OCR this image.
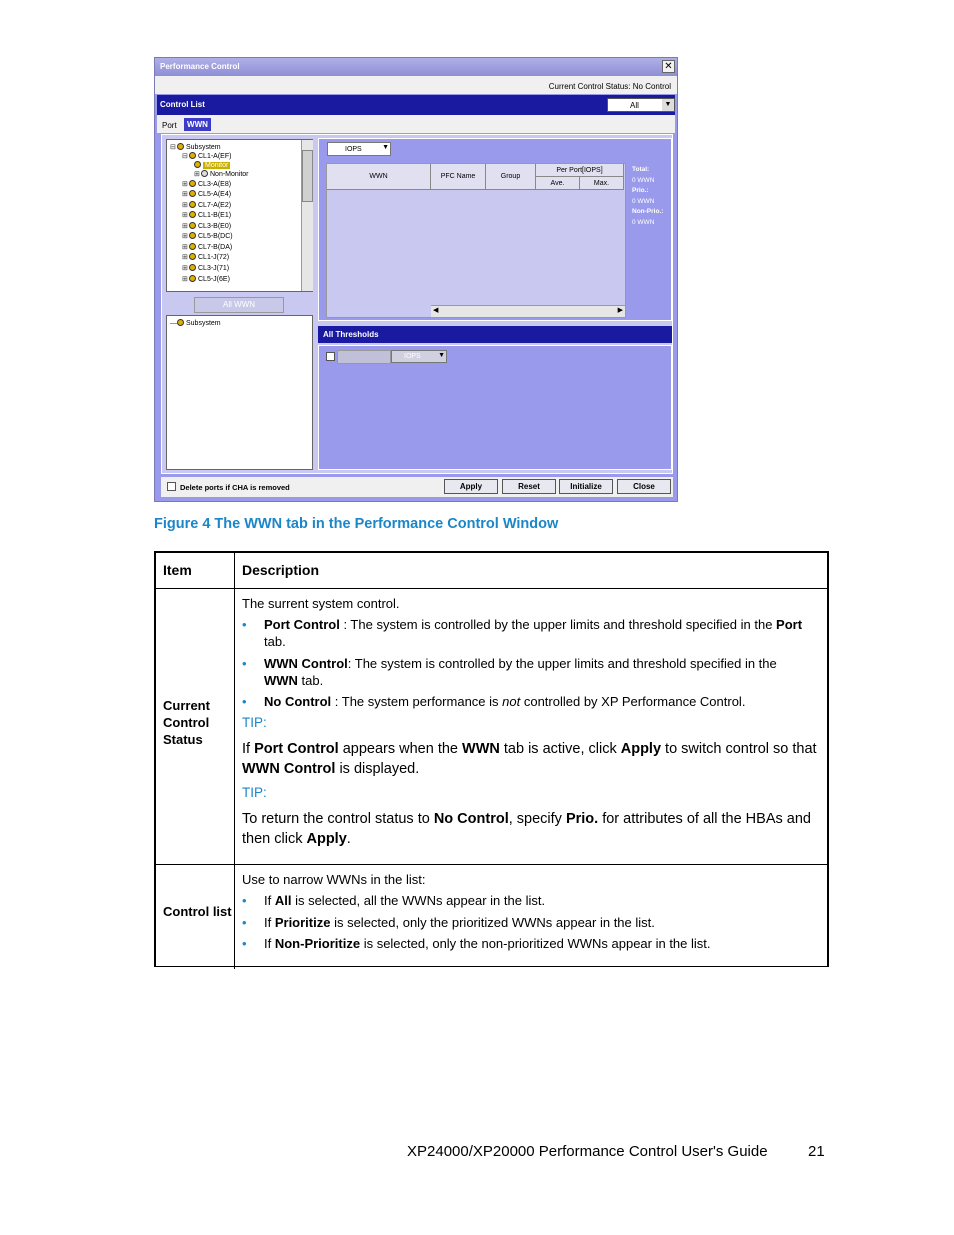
Performance Control	✕
Current Control Status: No Control
Control List	All	▼
Port	WWN
⊟ Subsystem
⊟ CL1-A(EF)
Monitor
⊞ Non-Monitor
⊞ CL3-A(E8)
⊞ CL5-A(E4)
⊞ CL7-A(E2)
⊞ CL1-B(E1)
⊞ CL3-B(E0)
⊞ CL5-B(DC)
⊞ CL7-B(DA)
⊞ CL1-J(72)
⊞ CL3-J(71)
⊞ CL5-J(6E)
All WWN
— Subsystem
IOPS	▼
WWN	PFC Name	Group
Per Port[IOPS]
Ave.	Max.
◀	▶
Total:
0 WWN
Prio.:
0 WWN
Non-Prio.:
0 WWN
All Thresholds
IOPS ▼
Delete ports if CHA is removed	Apply	Reset	Initialize	Close
Figure 4 The WWN tab in the Performance Control Window
Item	Description
Current
Control
Status
The surrent system control.
• Port Control : The system is controlled by the upper limits and threshold specified in the Port
tab.
• WWN Control: The system is controlled by the upper limits and threshold specified in the
WWN tab.
• No Control : The system performance is not controlled by XP Performance Control.
TIP:
If Port Control appears when the WWN tab is active, click Apply to switch control so that
WWN Control is displayed.
TIP:
To return the control status to No Control, specify Prio. for attributes of all the HBAs and
then click Apply.
Control list
Use to narrow WWNs in the list:
• If All is selected, all the WWNs appear in the list.
• If Prioritize is selected, only the prioritized WWNs appear in the list.
• If Non-Prioritize is selected, only the non-prioritized WWNs appear in the list.
XP24000/XP20000 Performance Control User's Guide	21
